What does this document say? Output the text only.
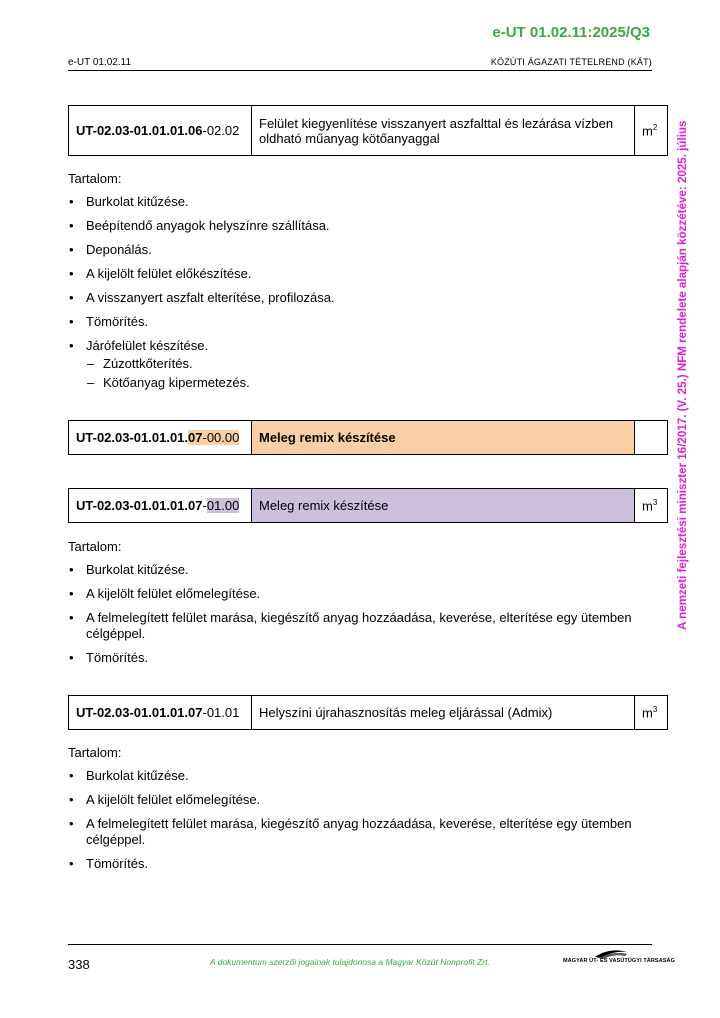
e-UT 01.02.11:2025/Q3
e-UT 01.02.11	KÖZÚTI ÁGAZATI TÉTELREND (KÁT)
A nemzeti fejlesztési miniszter 16/2017. (V. 25.) NFM rendelete alapján közzétéve: 2025. július
UT-02.03-01.01.01.06-02.02	Felület kiegyenlítése visszanyert aszfalttal és lezárása vízben oldható műanyag kötőanyaggal	$m^2$
Tartalom:
• Burkolat kitűzése.
• Beépítendő anyagok helyszínre szállítása.
• Deponálás.
• A kijelölt felület előkészítése.
• A visszanyert aszfalt elterítése, profilozása.
• Tömörítés.
• Járófelület készítése.
– Zúzottkőterítés.
– Kötőanyag kipermetezés.
UT-02.03-01.01.01.07-00.00	Meleg remix készítése	
UT-02.03-01.01.01.07-01.00	Meleg remix készítése	$m^3$
Tartalom:
• Burkolat kitűzése.
• A kijelölt felület előmelegítése.
• A felmelegített felület marása, kiegészítő anyag hozzáadása, keverése, elterítése egy ütemben célgéppel.
• Tömörítés.
UT-02.03-01.01.01.07-01.01	Helyszíni újrahasznosítás meleg eljárással (Admix)	$m^3$
Tartalom:
• Burkolat kitűzése.
• A kijelölt felület előmelegítése.
• A felmelegített felület marása, kiegészítő anyag hozzáadása, keverése, elterítése egy ütemben célgéppel.
• Tömörítés.
338	A dokumentum szerzői jogainak tulajdonosa a Magyar Közút Nonprofit Zrt.	MAGYAR ÚT- ÉS VASÚTÜGYI TÁRSASÁG
